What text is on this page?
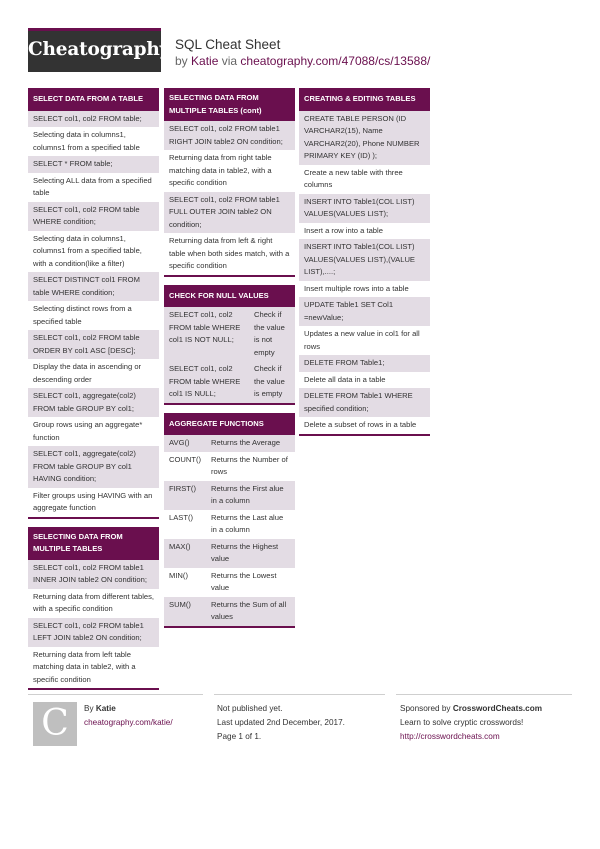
Cheatography SQL Cheat Sheet
by Katie via cheatography.com/47088/cs/13588/
SELECT DATA FROM A TABLE
SELECT col1, col2 FROM table;
Selecting data in columns1, columns1 from a specified table
SELECT * FROM table;
Selecting ALL data from a specified table
SELECT col1, col2 FROM table WHERE condition;
Selecting data in columns1, columns1 from a specified table, with a condition(like a filter)
SELECT DISTINCT col1 FROM table WHERE condition;
Selecting distinct rows from a specified table
SELECT col1, col2 FROM table ORDER BY col1 ASC [DESC];
Display the data in ascending or descending order
SELECT col1, aggregate(col2) FROM table GROUP BY col1;
Group rows using an aggregate* function
SELECT col1, aggregate(col2) FROM table GROUP BY col1 HAVING condition;
Filter groups using HAVING with an aggregate function
SELECTING DATA FROM MULTIPLE TABLES
SELECT col1, col2 FROM table1 INNER JOIN table2 ON condition;
Returning data from different tables, with a specific condition
SELECT col1, col2 FROM table1 LEFT JOIN table2 ON condition;
Returning data from left table matching data in table2, with a specific condition
SELECTING DATA FROM MULTIPLE TABLES (cont)
SELECT col1, col2 FROM table1 RIGHT JOIN table2 ON condition;
Returning data from right table matching data in table2, with a specific condition
SELECT col1, col2 FROM table1 FULL OUTER JOIN table2 ON condition;
Returning data from left & right table when both sides match, with a specific condition
CHECK FOR NULL VALUES
SELECT col1, col2 FROM table WHERE col1 IS NOT NULL;
Check if the value is not empty
SELECT col1, col2 FROM table WHERE col1 IS NULL;
Check if the value is empty
AGGREGATE FUNCTIONS
AVG()	Returns the Average
COUNT()	Returns the Number of rows
FIRST()	Returns the First alue in a column
LAST()	Returns the Last alue in a column
MAX()	Returns the Highest value
MIN()	Returns the Lowest value
SUM()	Returns the Sum of all values
CREATING & EDITING TABLES
CREATE TABLE PERSON (ID VARCHAR2(15), Name VARCHAR2(20), Phone NUMBER PRIMARY KEY (ID) );
Create a new table with three columns
INSERT INTO Table1(COL LIST) VALUES(VALUES LIST);
Insert a row into a table
INSERT INTO Table1(COL LIST) VALUES(VALUES LIST),(VALUE LIST),....;
Insert multiple rows into a table
UPDATE Table1 SET Col1 =newValue;
Updates a new value in col1 for all rows
DELETE FROM Table1;
Delete all data in a table
DELETE FROM Table1 WHERE specified condition;
Delete a subset of rows in a table
C	By Katie
cheatography.com/katie/
Not published yet.
Last updated 2nd December, 2017.
Page 1 of 1.
Sponsored by CrosswordCheats.com
Learn to solve cryptic crosswords!
http://crosswordcheats.com
